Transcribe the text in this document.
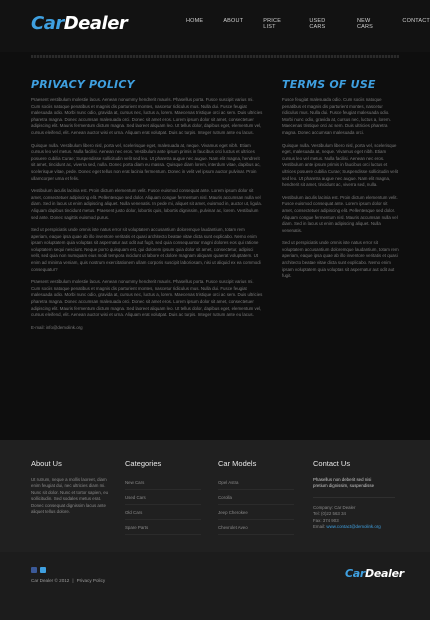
CarDealer	HOME	ABOUT	PRICE LIST
USED CARS
NEW CARS
CONTACT
PRIVACY POLICY

Praesent vestibulum molestie lacus. Aenean nonummy hendrerit mauris. Phasellus porta. Fusce suscipit varius mi. Cum sociis natoque penatibus et magnis dis parturient montes, nascetur ridiculus mus. Nulla dui. Fusce feugiat malesuada odio. Morbi nunc odio, gravida at, cursus nec, luctus a, lorem. Maecenas tristique orci ac sem. Duis ultricies pharetra magna. Donec accumsan malesuada orci. Donec sit amet eros. Lorem ipsum dolor sit amet, consectetuer adipiscing elit. Mauris fermentum dictum magna. Sed laoreet aliquam leo. Ut tellus dolor, dapibus eget, elementum vel, cursus eleifend, elit. Aenean auctor wisi et urna. Aliquam erat volutpat. Duis ac turpis. Integer rutrum ante eu lacus.

Quisque nulla. Vestibulum libero nisl, porta vel, scelerisque eget, malesuada at, neque. Vivamus eget nibh. Etiam cursus leo vel metus. Nulla facilisi. Aenean nec eros. Vestibulum ante ipsum primis in faucibus orci luctus et ultrices posuere cubilia Curae; Suspendisse sollicitudin velit sed leo. Ut pharetra augue nec augue. Nam elit magna, hendrerit sit amet, tincidunt ac, viverra sed, nulla. Donec porta diam eu massa. Quisque diam lorem, interdum vitae, dapibus ac, scelerisque vitae, pede. Donec eget tellus non erat lacinia fermentum. Donec in velit vel ipsum auctor pulvinar. Proin ullamcorper urna et felis.

Vestibulum iaculis lacinia est. Proin dictum elementum velit. Fusce euismod consequat ante. Lorem ipsum dolor sit amet, consectetuer adipiscing elit. Pellentesque sed dolor. Aliquam congue fermentum nisl. Mauris accumsan nulla vel diam. Sed in lacus ut enim adipiscing aliquet. Nulla venenatis. In pede mi, aliquet sit amet, euismod in, auctor ut, ligula. Aliquam dapibus tincidunt metus. Praesent justo dolor, lobortis quis, lobortis dignissim, pulvinar ac, lorem. Vestibulum sed ante. Donec sagittis euismod purus.

Sed ut perspiciatis unde omnis iste natus error sit voluptatem accusantium doloremque laudantium, totam rem aperiam, eaque ipsa quae ab illo inventore veritatis et quasi architecto beatae vitae dicta sunt explicabo. Nemo enim ipsam voluptatem quia voluptas sit aspernatur aut odit aut fugit, sed quia consequuntur magni dolores eos qui ratione voluptatem sequi nesciunt. Neque porro quisquam est, qui dolorem ipsum quia dolor sit amet, consectetur, adipisci velit, sed quia non numquam eius modi tempora incidunt ut labore et dolore magnam aliquam quaerat voluptatem. Ut enim ad minima veniam, quis nostrum exercitationem ullam corporis suscipit laboriosam, nisi ut aliquid ex ea commodi consequatur?

Praesent vestibulum molestie lacus. Aenean nonummy hendrerit mauris. Phasellus porta. Fusce suscipit varius mi. Cum sociis natoque penatibus et magnis dis parturient montes, nascetur ridiculus mus. Nulla dui. Fusce feugiat malesuada odio. Morbi nunc odio, gravida at, cursus nec, luctus a, lorem. Maecenas tristique orci ac sem. Duis ultricies pharetra magna. Donec accumsan malesuada orci. Donec sit amet eros. Lorem ipsum dolor sit amet, consectetuer adipiscing elit. Mauris fermentum dictum magna. Sed laoreet aliquam leo. Ut tellus dolor, dapibus eget, elementum vel, cursus eleifend, elit. Aenean auctor wisi et urna. Aliquam erat volutpat. Duis ac turpis. Integer rutrum ante eu lacus.

E-mail: info@demolink.org

TERMS OF USE

Fusce feugiat malesuada odio. Cum sociis natoque penatibus et magnis dis parturient montes, nascetur ridiculus mus. Nulla dui. Fusce feugiat malesuada odio. Morbi nunc odio, gravida at, cursus nec, luctus a, lorem. Maecenas tristique orci ac sem. Duis ultricies pharetra magna. Donec accumsan malesuada orci.

Quisque nulla. Vestibulum libero nisl, porta vel, scelerisque eget, malesuada at, neque. Vivamus eget nibh. Etiam cursus leo vel metus. Nulla facilisi. Aenean nec eros. Vestibulum ante ipsum primis in faucibus orci luctus et ultrices posuere cubilia Curae; Suspendisse sollicitudin velit sed leo. Ut pharetra augue nec augue. Nam elit magna, hendrerit sit amet, tincidunt ac, viverra sed, nulla.

Vestibulum iaculis lacinia est. Proin dictum elementum velit. Fusce euismod consequat ante. Lorem ipsum dolor sit amet, consectetuer adipiscing elit. Pellentesque sed dolor. Aliquam congue fermentum nisl. Mauris accumsan nulla vel diam. Sed in lacus ut enim adipiscing aliquet. Nulla venenatis.

Sed ut perspiciatis unde omnis iste natus error sit voluptatem accusantium doloremque laudantium, totam rem aperiam, eaque ipsa quae ab illo inventore veritatis et quasi architecto beatae vitae dicta sunt explicabo. Nemo enim ipsam voluptatem quia voluptas sit aspernatur aut odit aut fugit.

About Us

Ut rutrum, neque a mollis laoreet, diam enim feugiat dui, nec ultricies diam mi. Nunc sit dolor. Nunc et tortor sapien, eu sollicitudin. Sed sodales metus erat. Donec consequat dignissim lacus ante aliquet tellus dolore.

Categories
New Cars
Used Cars
Old Cars
Spare Parts
Car Models
Opel Astra
Corolla
Jeep Cherokee
Chevrolet Aveo
Contact Us

Phasellus non deberit sed nisi

pretium dignissim, suspendisse

Company: Car Dealer

Tel: (0)22 563 34

Fax: 374 903

Email: www.contact@demolink.org

Car Dealer © 2012 | Privacy Policy
CarDealer
